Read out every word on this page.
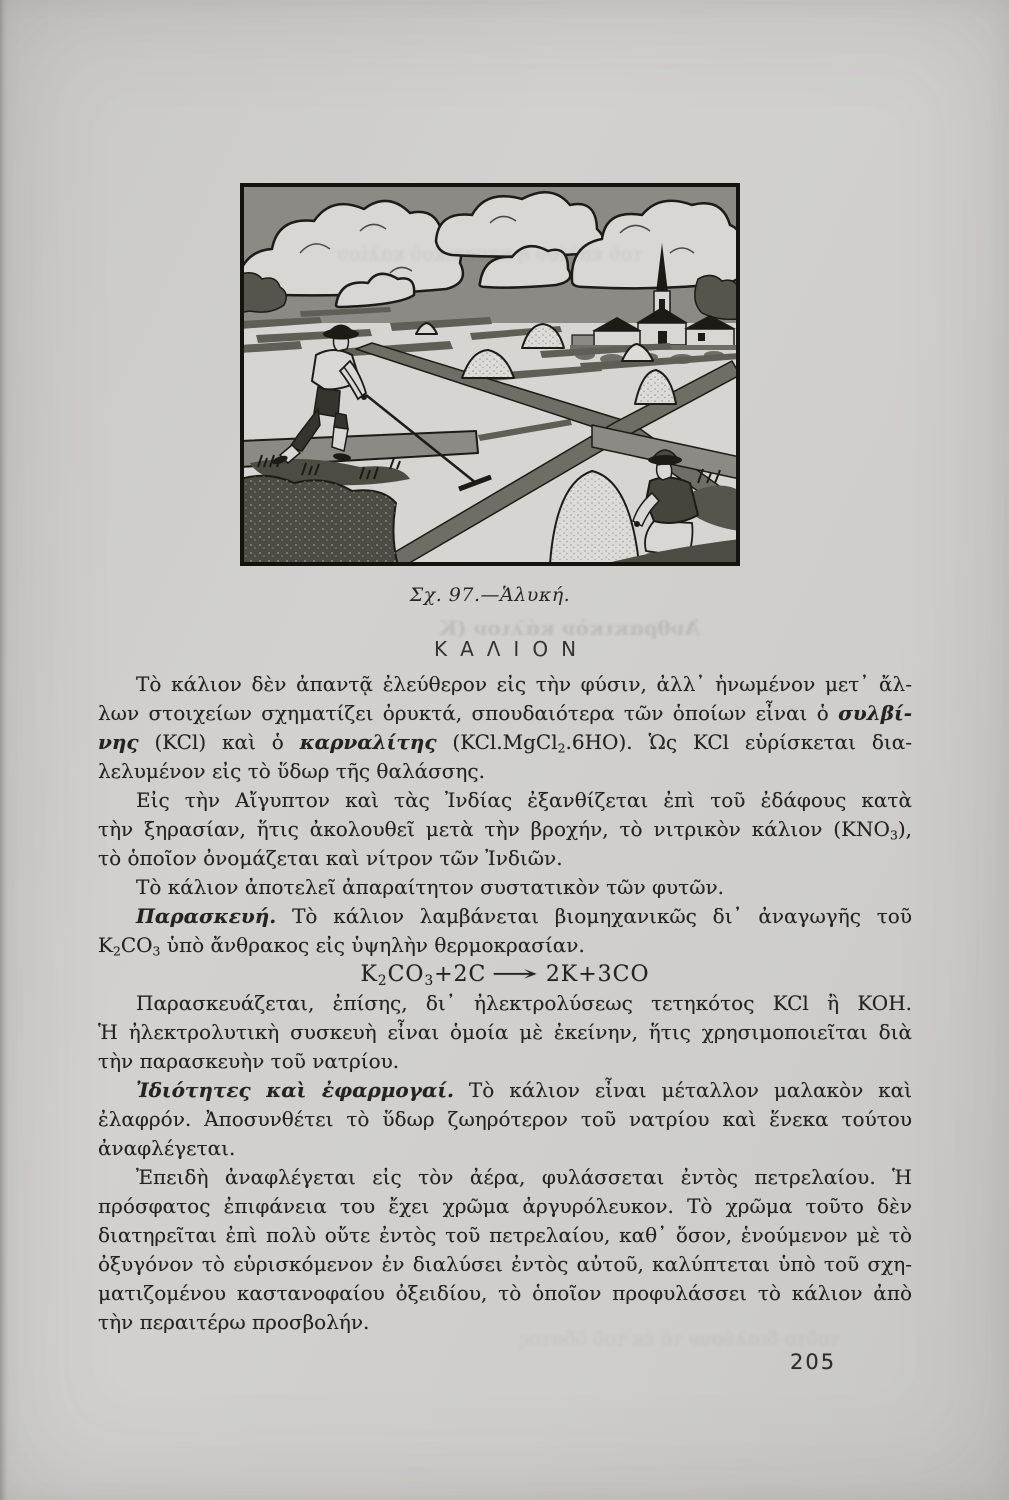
Ἀνθρακικὸν κάλιον (Κ
τοῦτο διαλύουν τὸ ἐκ τοῦ ὕδατος
Σχ. 97.—Ἁλυκή.
ΚΑΛΙΟΝ
Τὸ κάλιον δὲν ἀπαντᾷ ἐλεύθερον εἰς τὴν φύσιν, ἀλλ᾽ ἡνωμένον μετ᾽ ἄλ-
λων στοιχείων σχηματίζει ὀρυκτά, σπουδαιότερα τῶν ὁποίων εἶναι ὁ συλβί-
νης (KCl) καὶ ὁ καρναλίτης (KCl.MgCl$_2$.6HO). Ὡς KCl εὑρίσκεται δια-
λελυμένον εἰς τὸ ὕδωρ τῆς θαλάσσης.
Εἰς τὴν Αἴγυπτον καὶ τὰς Ἰνδίας ἐξανθίζεται ἐπὶ τοῦ ἐδάφους κατὰ
τὴν ξηρασίαν, ἥτις ἀκολουθεῖ μετὰ τὴν βροχήν, τὸ νιτρικὸν κάλιον $(KNO_3)$,
τὸ ὁποῖον ὀνομάζεται καὶ νίτρον τῶν Ἰνδιῶν.
Τὸ κάλιον ἀποτελεῖ ἀπαραίτητον συστατικὸν τῶν φυτῶν.
Παρασκευή. Τὸ κάλιον λαμβάνεται βιομηχανικῶς δι᾽ ἀναγωγῆς τοῦ
$K_2CO_3$ ὑπὸ ἄνθρακος εἰς ὑψηλὴν θερμοκρασίαν.
$K_2CO_3+2C \to 2K+3CO$
Παρασκευάζεται, ἐπίσης, δι᾽ ἠλεκτρολύσεως τετηκότος KCl ἢ KOH.
Ἡ ἠλεκτρολυτικὴ συσκευὴ εἶναι ὁμοία μὲ ἐκείνην, ἥτις χρησιμοποιεῖται διὰ
τὴν παρασκευὴν τοῦ νατρίου.
Ἰδιότητες καὶ ἐφαρμογαί. Τὸ κάλιον εἶναι μέταλλον μαλακὸν καὶ
ἐλαφρόν. Ἀποσυνθέτει τὸ ὕδωρ ζωηρότερον τοῦ νατρίου καὶ ἕνεκα τούτου
ἀναφλέγεται.
Ἐπειδὴ ἀναφλέγεται εἰς τὸν ἀέρα, φυλάσσεται ἐντὸς πετρελαίου. Ἡ
πρόσφατος ἐπιφάνεια του ἔχει χρῶμα ἀργυρόλευκον. Τὸ χρῶμα τοῦτο δὲν
διατηρεῖται ἐπὶ πολὺ οὔτε ἐντὸς τοῦ πετρελαίου, καθ᾽ ὅσον, ἑνούμενον μὲ τὸ
ὀξυγόνον τὸ εὑρισκόμενον ἐν διαλύσει ἐντὸς αὐτοῦ, καλύπτεται ὑπὸ τοῦ σχη-
ματιζομένου καστανοφαίου ὀξειδίου, τὸ ὁποῖον προφυλάσσει τὸ κάλιον ἀπὸ
τὴν περαιτέρω προσβολήν.
205
